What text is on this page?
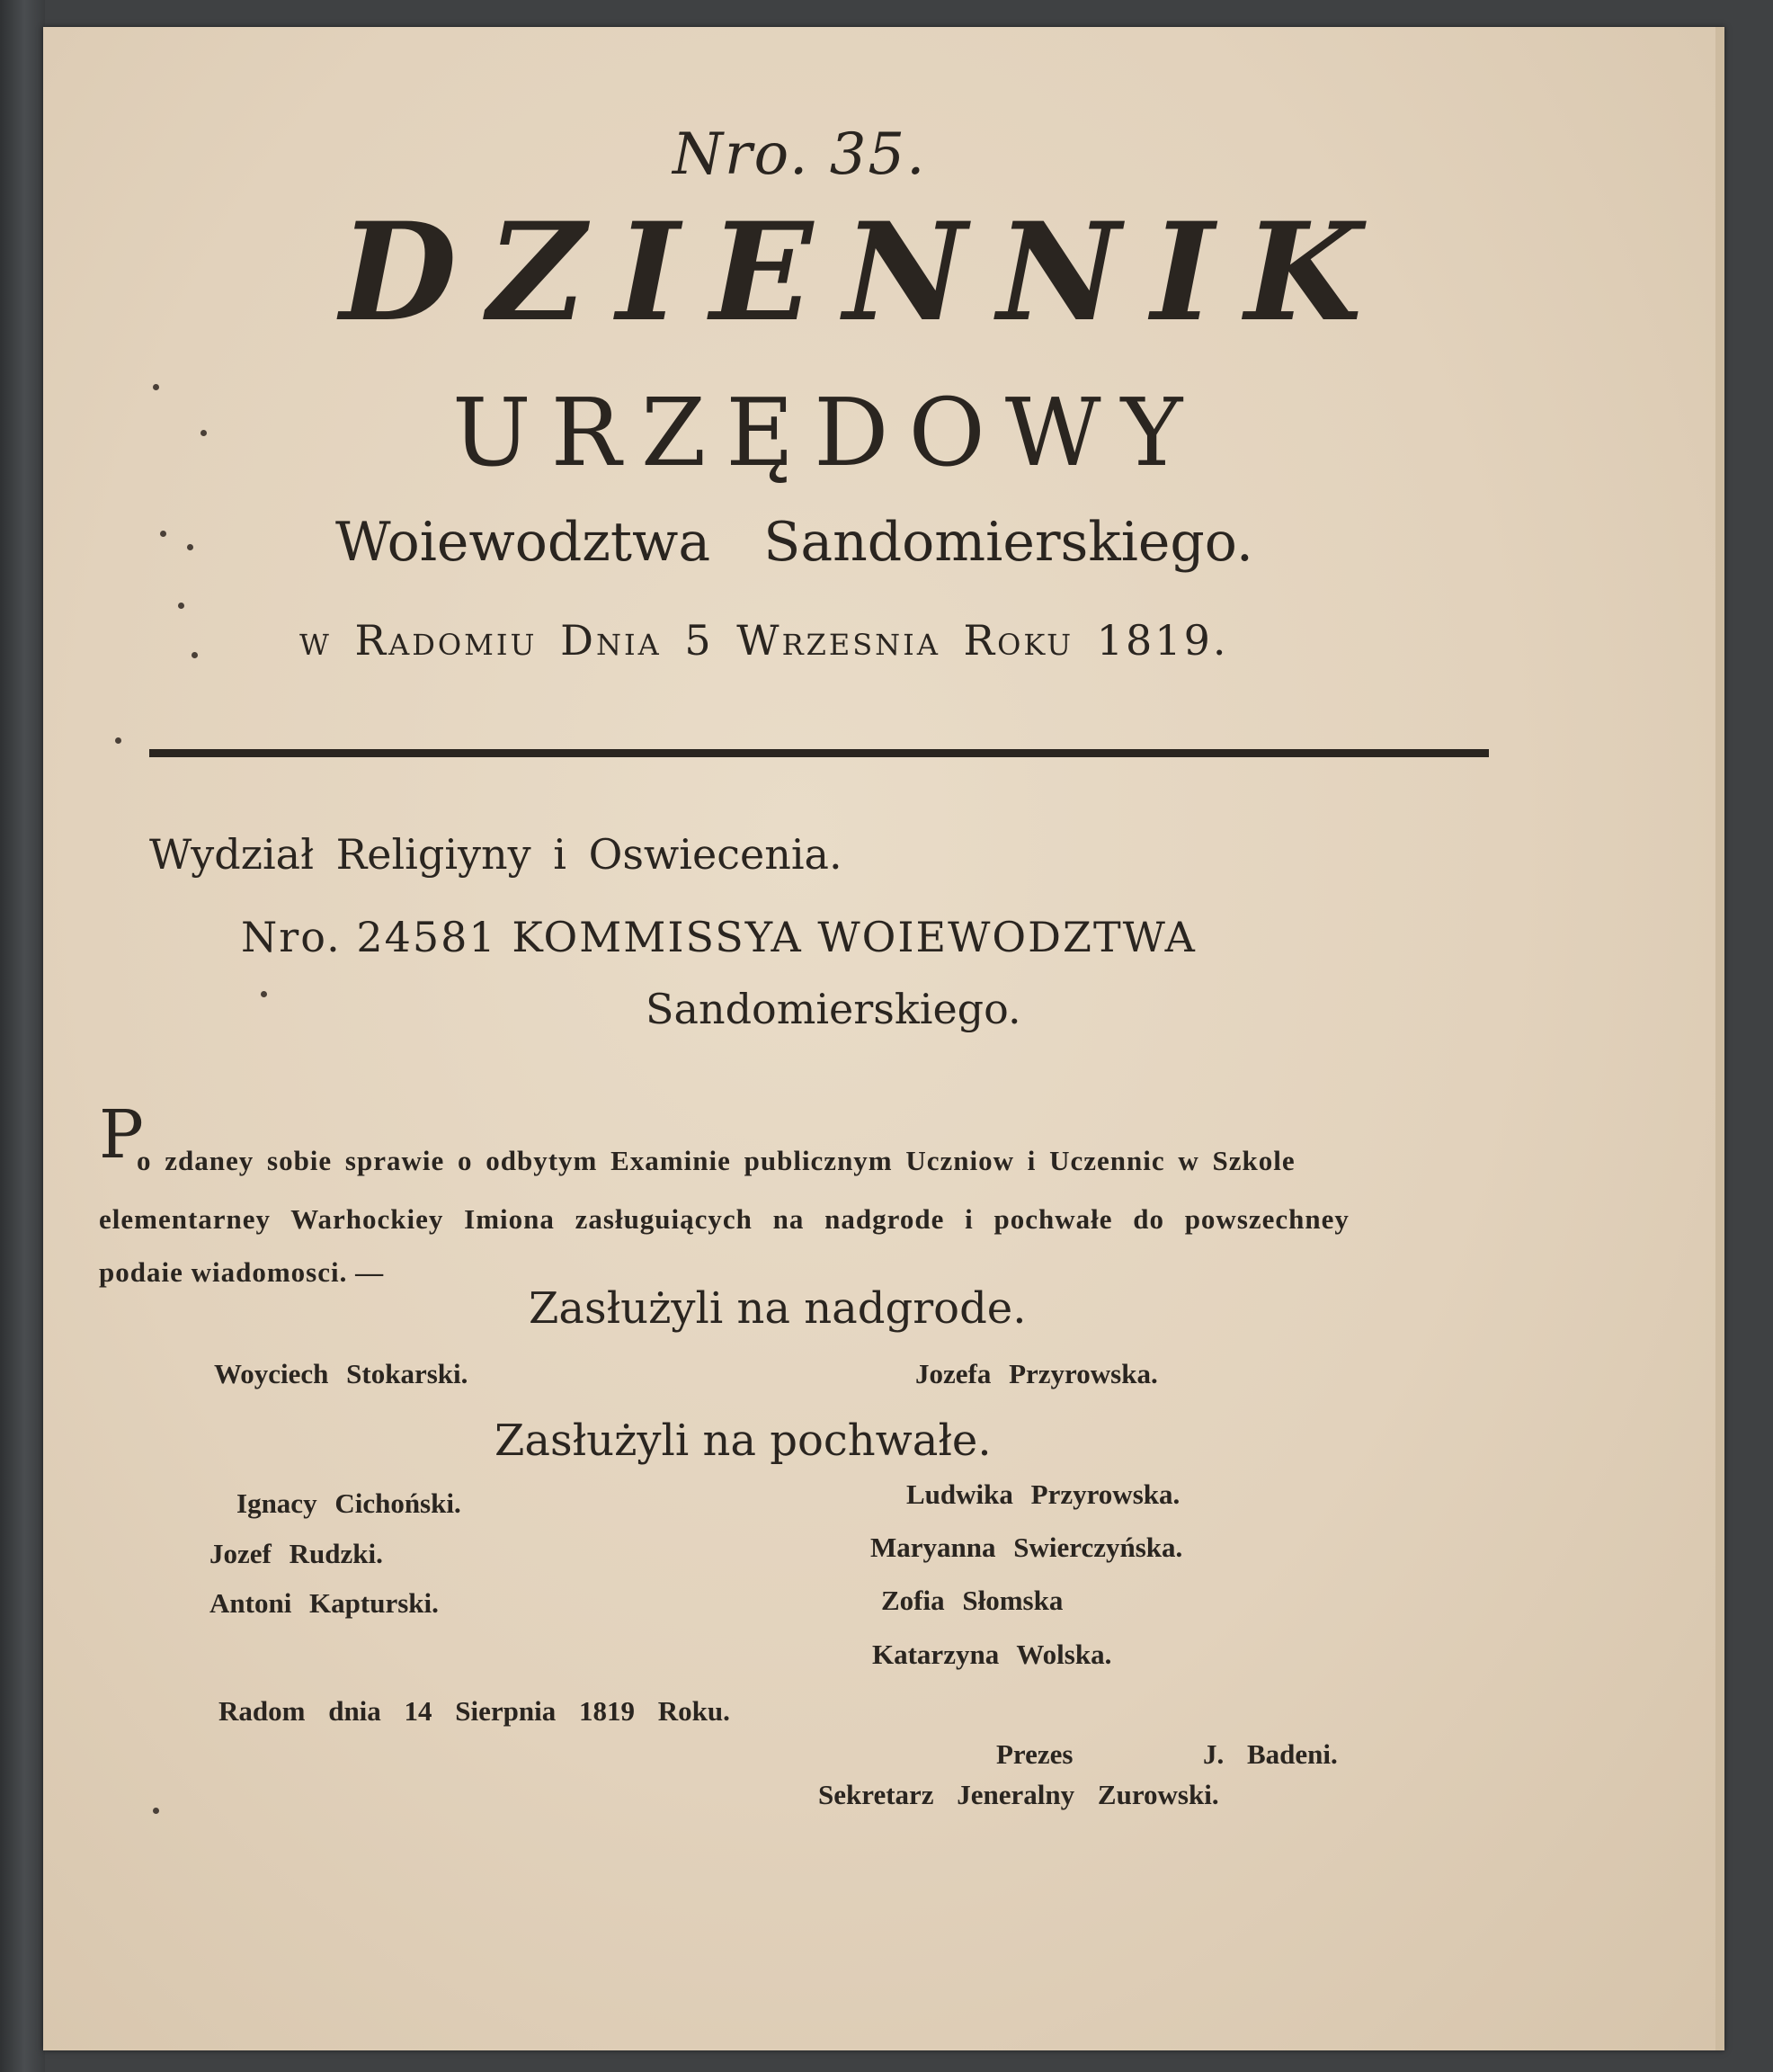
Nro. 35.
DZIENNIK
URZĘDOWY
Woiewodztwa Sandomierskiego.
w Radomiu Dnia 5 Wrzesnia Roku 1819.
Wydział Religiyny i Oswiecenia.
Nro. 24581 KOMMISSYA WOIEWODZTWA
Sandomierskiego.
P
o zdaney sobie sprawie o odbytym Examinie publicznym Uczniow i Uczennic w Szkole
elementarney Warhockiey Imiona zasługuiących na nadgrode i pochwałe do powszechney
podaie wiadomosci. —
Zasłużyli na nadgrode.
Woyciech Stokarski.	Jozefa Przyrowska.
Zasłużyli na pochwałe.
Ignacy Cichoński.
Jozef Rudzki.
Antoni Kapturski.
Ludwika Przyrowska.
Maryanna Swierczyńska.
Zofia Słomska
Katarzyna Wolska.
Radom dnia 14 Sierpnia 1819 Roku.
Prezes	J. Badeni.
Sekretarz Jeneralny Zurowski.
